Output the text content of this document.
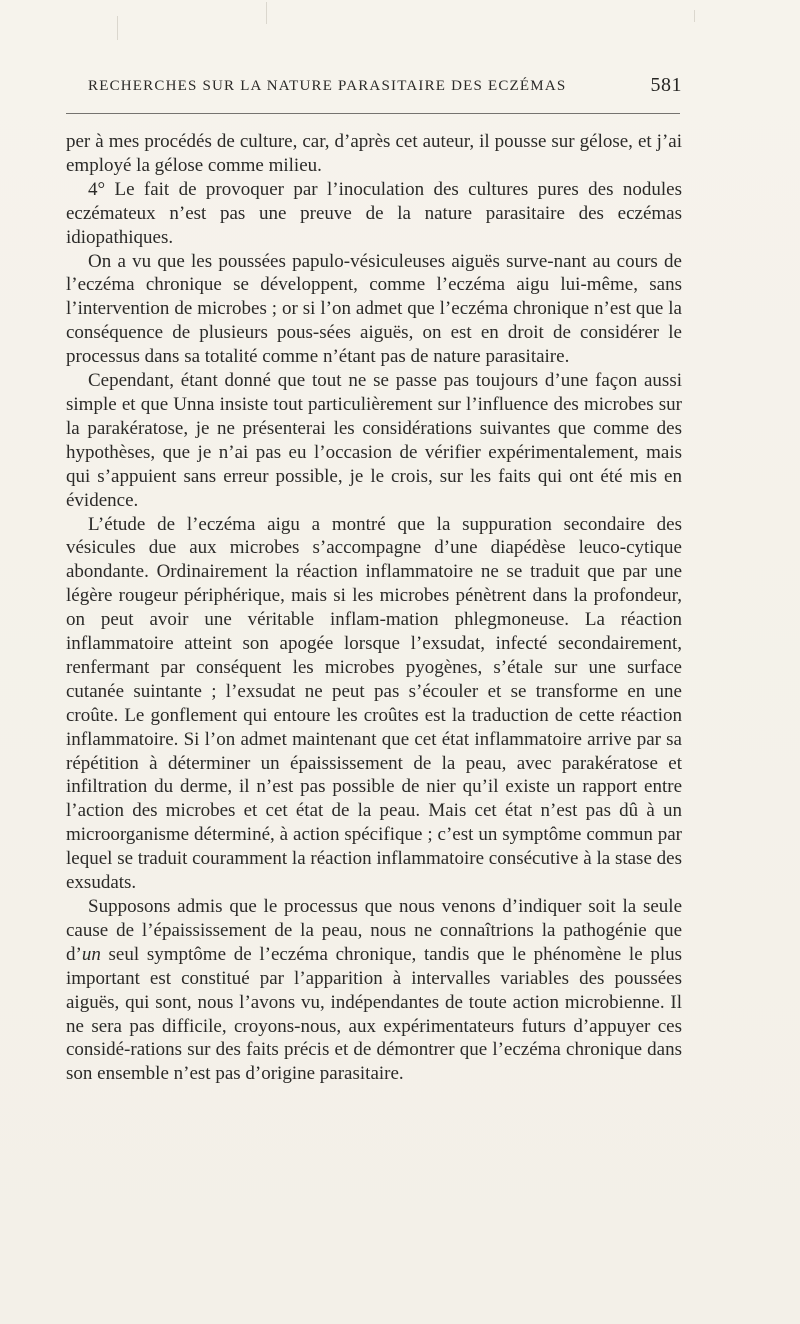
RECHERCHES SUR LA NATURE PARASITAIRE DES ECZÉMAS	581

per à mes procédés de culture, car, d’après cet auteur, il pousse sur gélose, et j’ai employé la gélose comme milieu.

4° Le fait de provoquer par l’inoculation des cultures pures des nodules eczémateux n’est pas une preuve de la nature parasitaire des eczémas idiopathiques.

On a vu que les poussées papulo-vésiculeuses aiguës surve-nant au cours de l’eczéma chronique se développent, comme l’eczéma aigu lui-même, sans l’intervention de microbes ; or si l’on admet que l’eczéma chronique n’est que la conséquence de plusieurs pous-sées aiguës, on est en droit de considérer le processus dans sa totalité comme n’étant pas de nature parasitaire.

Cependant, étant donné que tout ne se passe pas toujours d’une façon aussi simple et que Unna insiste tout particulièrement sur l’influence des microbes sur la parakératose, je ne présenterai les considérations suivantes que comme des hypothèses, que je n’ai pas eu l’occasion de vérifier expérimentalement, mais qui s’appuient sans erreur possible, je le crois, sur les faits qui ont été mis en évidence.

L’étude de l’eczéma aigu a montré que la suppuration secondaire des vésicules due aux microbes s’accompagne d’une diapédèse leuco-cytique abondante. Ordinairement la réaction inflammatoire ne se traduit que par une légère rougeur périphérique, mais si les microbes pénètrent dans la profondeur, on peut avoir une véritable inflam-mation phlegmoneuse. La réaction inflammatoire atteint son apogée lorsque l’exsudat, infecté secondairement, renfermant par conséquent les microbes pyogènes, s’étale sur une surface cutanée suintante ; l’exsudat ne peut pas s’écouler et se transforme en une croûte. Le gonflement qui entoure les croûtes est la traduction de cette réaction inflammatoire. Si l’on admet maintenant que cet état inflammatoire arrive par sa répétition à déterminer un épaississement de la peau, avec parakératose et infiltration du derme, il n’est pas possible de nier qu’il existe un rapport entre l’action des microbes et cet état de la peau. Mais cet état n’est pas dû à un microorganisme déterminé, à action spécifique ; c’est un symptôme commun par lequel se traduit couramment la réaction inflammatoire consécutive à la stase des exsudats.

Supposons admis que le processus que nous venons d’indiquer soit la seule cause de l’épaississement de la peau, nous ne connaîtrions la pathogénie que d’un seul symptôme de l’eczéma chronique, tandis que le phénomène le plus important est constitué par l’apparition à intervalles variables des poussées aiguës, qui sont, nous l’avons vu, indépendantes de toute action microbienne. Il ne sera pas difficile, croyons-nous, aux expérimentateurs futurs d’appuyer ces considé-rations sur des faits précis et de démontrer que l’eczéma chronique dans son ensemble n’est pas d’origine parasitaire.
